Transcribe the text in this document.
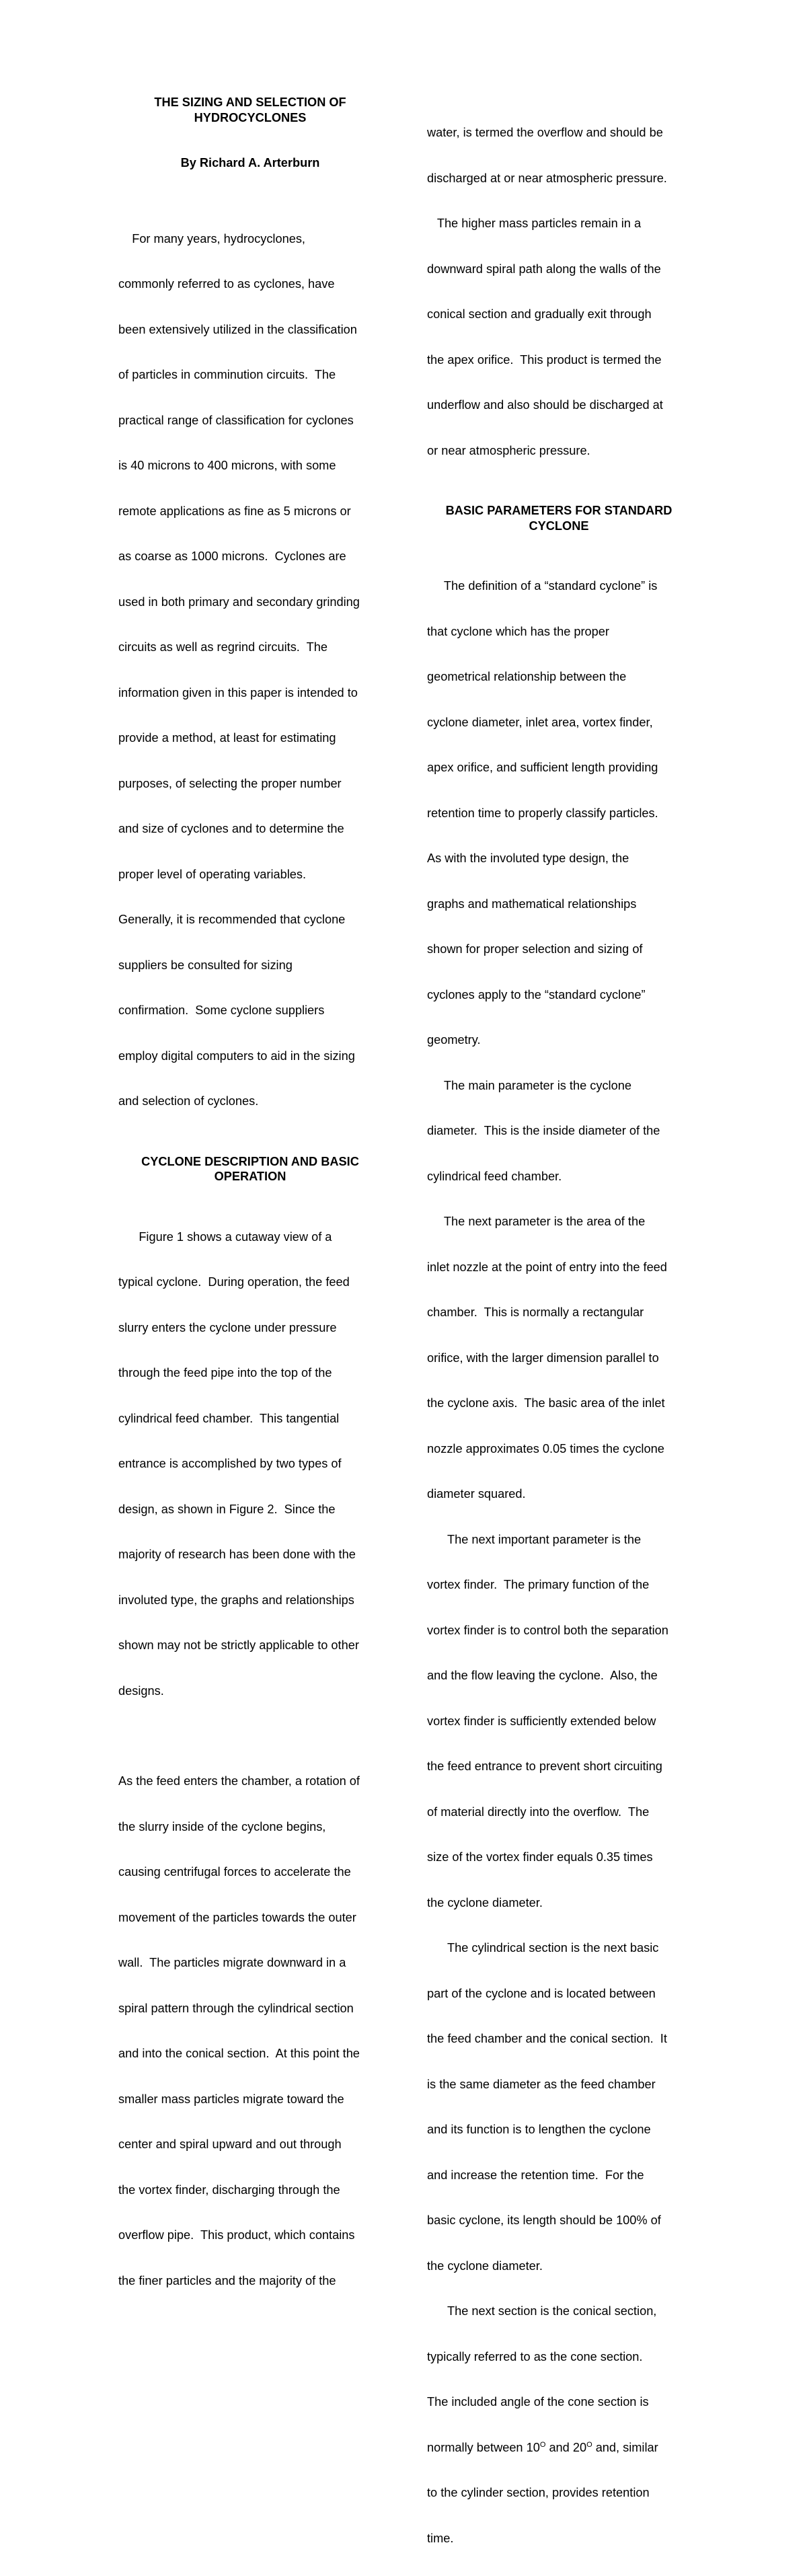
THE SIZING AND SELECTION OF
HYDROCYCLONES
By Richard A. Arterburn

For many years, hydrocyclones,

commonly referred to as cyclones, have

been extensively utilized in the classification

of particles in comminution circuits.  The

practical range of classification for cyclones

is 40 microns to 400 microns, with some

remote applications as fine as 5 microns or

as coarse as 1000 microns.  Cyclones are

used in both primary and secondary grinding

circuits as well as regrind circuits.  The

information given in this paper is intended to

provide a method, at least for estimating

purposes, of selecting the proper number

and size of cyclones and to determine the

proper level of operating variables.

Generally, it is recommended that cyclone

suppliers be consulted for sizing

confirmation.  Some cyclone suppliers

employ digital computers to aid in the sizing

and selection of cyclones.

CYCLONE DESCRIPTION AND BASIC
OPERATION

Figure 1 shows a cutaway view of a

typical cyclone.  During operation, the feed

slurry enters the cyclone under pressure

through the feed pipe into the top of the

cylindrical feed chamber.  This tangential

entrance is accomplished by two types of

design, as shown in Figure 2.  Since the

majority of research has been done with the

involuted type, the graphs and relationships

shown may not be strictly applicable to other

designs.

As the feed enters the chamber, a rotation of

the slurry inside of the cyclone begins,

causing centrifugal forces to accelerate the

movement of the particles towards the outer

wall.  The particles migrate downward in a

spiral pattern through the cylindrical section

and into the conical section.  At this point the

smaller mass particles migrate toward the

center and spiral upward and out through

the vortex finder, discharging through the

overflow pipe.  This product, which contains

the finer particles and the majority of the

water, is termed the overflow and should be

discharged at or near atmospheric pressure.

The higher mass particles remain in a

downward spiral path along the walls of the

conical section and gradually exit through

the apex orifice.  This product is termed the

underflow and also should be discharged at

or near atmospheric pressure.

BASIC PARAMETERS FOR STANDARD
CYCLONE

The definition of a “standard cyclone” is

that cyclone which has the proper

geometrical relationship between the

cyclone diameter, inlet area, vortex finder,

apex orifice, and sufficient length providing

retention time to properly classify particles.

As with the involuted type design, the

graphs and mathematical relationships

shown for proper selection and sizing of

cyclones apply to the “standard cyclone”

geometry.

The main parameter is the cyclone

diameter.  This is the inside diameter of the

cylindrical feed chamber.

The next parameter is the area of the

inlet nozzle at the point of entry into the feed

chamber.  This is normally a rectangular

orifice, with the larger dimension parallel to

the cyclone axis.  The basic area of the inlet

nozzle approximates 0.05 times the cyclone

diameter squared.

The next important parameter is the

vortex finder.  The primary function of the

vortex finder is to control both the separation

and the flow leaving the cyclone.  Also, the

vortex finder is sufficiently extended below

the feed entrance to prevent short circuiting

of material directly into the overflow.  The

size of the vortex finder equals 0.35 times

the cyclone diameter.

The cylindrical section is the next basic

part of the cyclone and is located between

the feed chamber and the conical section.  It

is the same diameter as the feed chamber

and its function is to lengthen the cyclone

and increase the retention time.  For the

basic cyclone, its length should be 100% of

the cyclone diameter.

The next section is the conical section,

typically referred to as the cone section.

The included angle of the cone section is

normally between $10^O$ and $20^O$ and, similar

to the cylinder section, provides retention

time.
